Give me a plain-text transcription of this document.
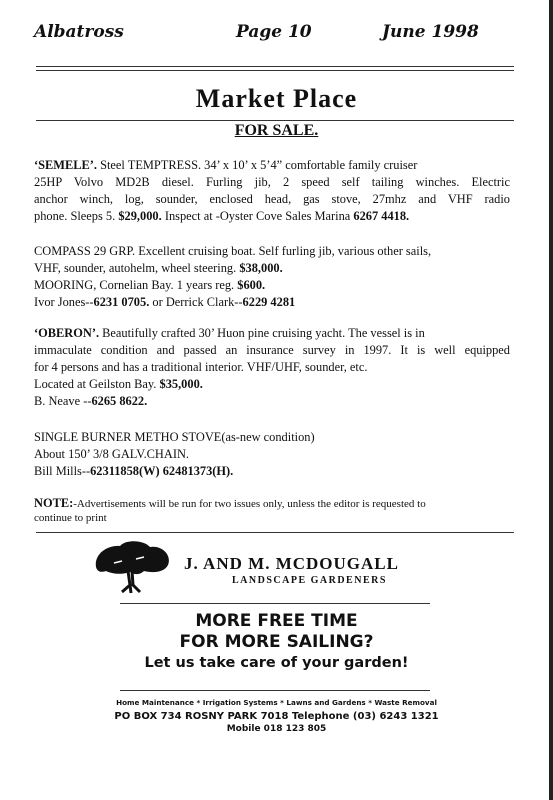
Albatross	Page 10	June 1998
Market Place
FOR SALE.
‘SEMELE’. Steel TEMPTRESS. 34’ x 10’ x 5’4” comfortable family cruiser
25HP Volvo MD2B diesel. Furling jib, 2 speed self tailing winches. Electric
anchor winch, log, sounder, enclosed head, gas stove, 27mhz and VHF radio
phone. Sleeps 5. $29,000. Inspect at -Oyster Cove Sales Marina 6267 4418.
COMPASS 29 GRP. Excellent cruising boat. Self furling jib, various other sails,
VHF, sounder, autohelm, wheel steering. $38,000.
MOORING, Cornelian Bay. 1 years reg. $600.
Ivor Jones--6231 0705. or Derrick Clark--6229 4281
‘OBERON’. Beautifully crafted 30’ Huon pine cruising yacht. The vessel is in
immaculate condition and passed an insurance survey in 1997. It is well equipped
for 4 persons and has a traditional interior. VHF/UHF, sounder, etc.
Located at Geilston Bay. $35,000.
B. Neave --6265 8622.
SINGLE BURNER METHO STOVE(as-new condition)
About 150’ 3/8 GALV.CHAIN.
Bill Mills--62311858(W) 62481373(H).
NOTE:-Advertisements will be run for two issues only, unless the editor is requested to
continue to print
J. AND M. MCDOUGALL
LANDSCAPE GARDENERS
MORE FREE TIME
FOR MORE SAILING?
Let us take care of your garden!
Home Maintenance * Irrigation Systems * Lawns and Gardens * Waste Removal
PO BOX 734 ROSNY PARK 7018 Telephone (03) 6243 1321
Mobile 018 123 805
